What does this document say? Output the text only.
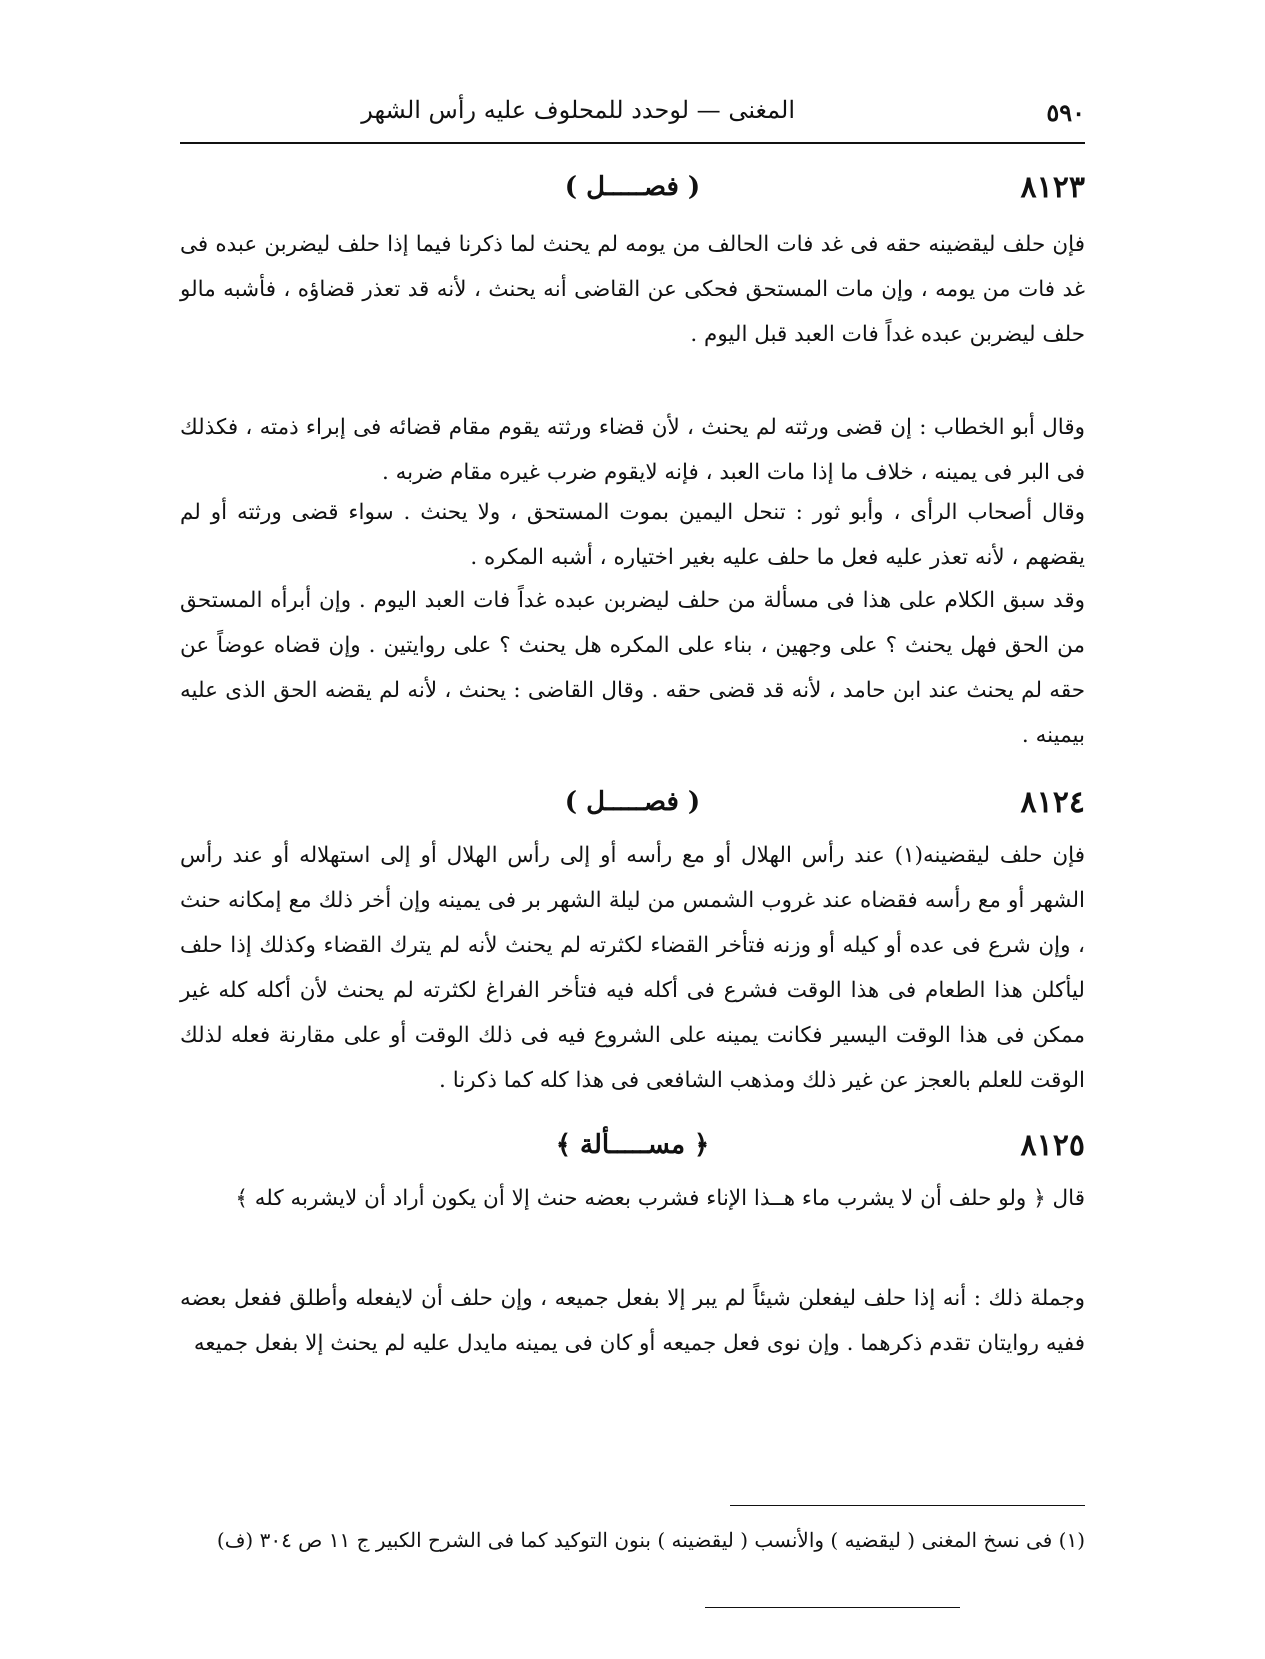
٥٩٠
المغنى — لوحدد للمحلوف عليه رأس الشهر
٨١٢٣
( فصـــــل )

فإن حلف ليقضينه حقه فى غد فات الحالف من يومه لم يحنث لما ذكرنا فيما إذا حلف ليضربن عبده فى غد فات من يومه ، وإن مات المستحق فحكى عن القاضى أنه يحنث ، لأنه قد تعذر قضاؤه ، فأشبه مالو حلف ليضربن عبده غداً فات العبد قبل اليوم .

وقال أبو الخطاب : إن قضى ورثته لم يحنث ، لأن قضاء ورثته يقوم مقام قضائه فى إبراء ذمته ، فكذلك فى البر فى يمينه ، خلاف ما إذا مات العبد ، فإنه لايقوم ضرب غيره مقام ضربه .

وقال أصحاب الرأى ، وأبو ثور : تنحل اليمين بموت المستحق ، ولا يحنث . سواء قضى ورثته أو لم يقضهم ، لأنه تعذر عليه فعل ما حلف عليه بغير اختياره ، أشبه المكره .

وقد سبق الكلام على هذا فى مسألة من حلف ليضربن عبده غداً فات العبد اليوم . وإن أبرأه المستحق من الحق فهل يحنث ؟ على وجهين ، بناء على المكره هل يحنث ؟ على روايتين . وإن قضاه عوضاً عن حقه لم يحنث عند ابن حامد ، لأنه قد قضى حقه . وقال القاضى : يحنث ، لأنه لم يقضه الحق الذى عليه بيمينه .

٨١٢٤
( فصـــــل )

فإن حلف ليقضينه(١) عند رأس الهلال أو مع رأسه أو إلى رأس الهلال أو إلى استهلاله أو عند رأس الشهر أو مع رأسه فقضاه عند غروب الشمس من ليلة الشهر بر فى يمينه وإن أخر ذلك مع إمكانه حنث ، وإن شرع فى عده أو كيله أو وزنه فتأخر القضاء لكثرته لم يحنث لأنه لم يترك القضاء وكذلك إذا حلف ليأكلن هذا الطعام فى هذا الوقت فشرع فى أكله فيه فتأخر الفراغ لكثرته لم يحنث لأن أكله كله غير ممكن فى هذا الوقت اليسير فكانت يمينه على الشروع فيه فى ذلك الوقت أو على مقارنة فعله لذلك الوقت للعلم بالعجز عن غير ذلك ومذهب الشافعى فى هذا كله كما ذكرنا .

٨١٢٥
﴿ مســـــألة ﴾

قال ﴿ ولو حلف أن لا يشرب ماء هــذا الإناء فشرب بعضه حنث إلا أن يكون أراد أن لايشربه كله ﴾

وجملة ذلك : أنه إذا حلف ليفعلن شيئاً لم يبر إلا بفعل جميعه ، وإن حلف أن لايفعله وأطلق ففعل بعضه ففيه روايتان تقدم ذكرهما . وإن نوى فعل جميعه أو كان فى يمينه مايدل عليه لم يحنث إلا بفعل جميعه

(١) فى نسخ المغنى ( ليقضيه ) والأنسب ( ليقضينه ) بنون التوكيد كما فى الشرح الكبير ج ١١ ص ٣٠٤ (ف)
